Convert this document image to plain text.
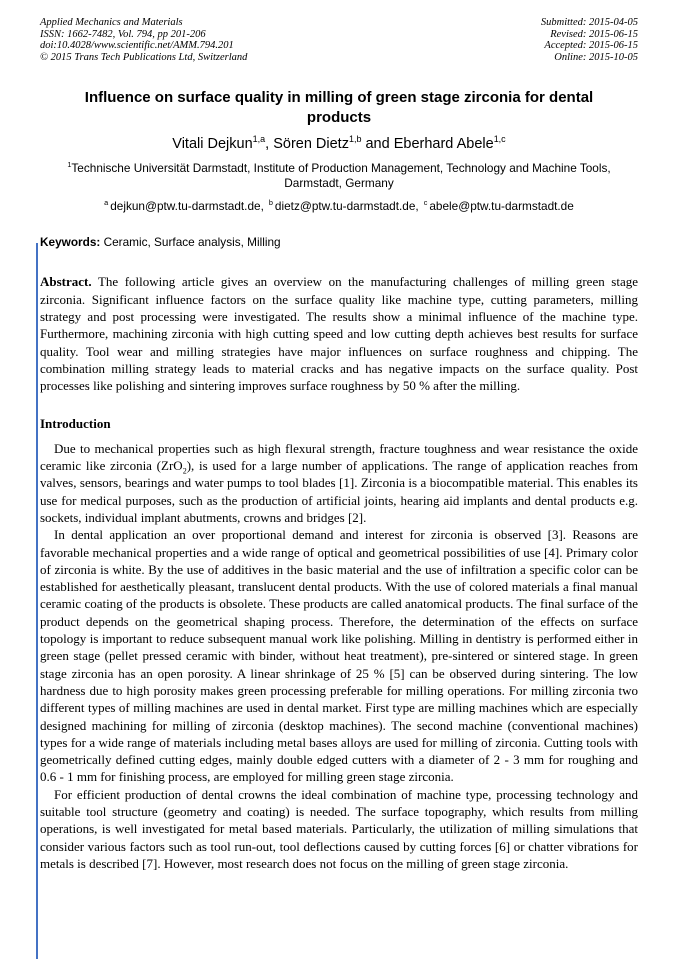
Applied Mechanics and Materials
ISSN: 1662-7482, Vol. 794, pp 201-206
doi:10.4028/www.scientific.net/AMM.794.201
© 2015 Trans Tech Publications Ltd, Switzerland
Submitted: 2015-04-05
Revised: 2015-06-15
Accepted: 2015-06-15
Online: 2015-10-05
Influence on surface quality in milling of green stage zirconia for dental products
Vitali Dejkun$^{1,a}$, Sören Dietz$^{1,b}$ and Eberhard Abele$^{1,c}$
$^1$Technische Universität Darmstadt, Institute of Production Management, Technology and Machine Tools, Darmstadt, Germany
$^a$ dejkun@ptw.tu-darmstadt.de, $^b$ dietz@ptw.tu-darmstadt.de, $^c$ abele@ptw.tu-darmstadt.de
Keywords: Ceramic, Surface analysis, Milling
Abstract. The following article gives an overview on the manufacturing challenges of milling green stage zirconia. Significant influence factors on the surface quality like machine type, cutting parameters, milling strategy and post processing were investigated. The results show a minimal influence of the machine type. Furthermore, machining zirconia with high cutting speed and low cutting depth achieves best results for surface quality. Tool wear and milling strategies have major influences on surface roughness and chipping. The combination milling strategy leads to material cracks and has negative impacts on the surface quality. Post processes like polishing and sintering improves surface roughness by 50 % after the milling.
Introduction

Due to mechanical properties such as high flexural strength, fracture toughness and wear resistance the oxide ceramic like zirconia (ZrO$_2$), is used for a large number of applications. The range of application reaches from valves, sensors, bearings and water pumps to tool blades [1]. Zirconia is a biocompatible material. This enables its use for medical purposes, such as the production of artificial joints, hearing aid implants and dental products e.g. sockets, individual implant abutments, crowns and bridges [2].

In dental application an over proportional demand and interest for zirconia is observed [3]. Reasons are favorable mechanical properties and a wide range of optical and geometrical possibilities of use [4]. Primary color of zirconia is white. By the use of additives in the basic material and the use of infiltration a specific color can be established for aesthetically pleasant, translucent dental products. With the use of colored materials a final manual ceramic coating of the products is obsolete. These products are called anatomical products. The final surface of the product depends on the geometrical shaping process. Therefore, the determination of the effects on surface topology is important to reduce subsequent manual work like polishing. Milling in dentistry is performed either in green stage (pellet pressed ceramic with binder, without heat treatment), pre-sintered or sintered stage. In green stage zirconia has an open porosity. A linear shrinkage of 25 % [5] can be observed during sintering. The low hardness due to high porosity makes green processing preferable for milling operations. For milling zirconia two different types of milling machines are used in dental market. First type are milling machines which are especially designed machining for milling of zirconia (desktop machines). The second machine (conventional machines) types for a wide range of materials including metal bases alloys are used for milling of zirconia. Cutting tools with geometrically defined cutting edges, mainly double edged cutters with a diameter of 2 - 3 mm for roughing and 0.6 - 1 mm for finishing process, are employed for milling green stage zirconia.

For efficient production of dental crowns the ideal combination of machine type, processing technology and suitable tool structure (geometry and coating) is needed. The surface topography, which results from milling operations, is well investigated for metal based materials. Particularly, the utilization of milling simulations that consider various factors such as tool run-out, tool deflections caused by cutting forces [6] or chatter vibrations for metals is described [7]. However, most research does not focus on the milling of green stage zirconia.
